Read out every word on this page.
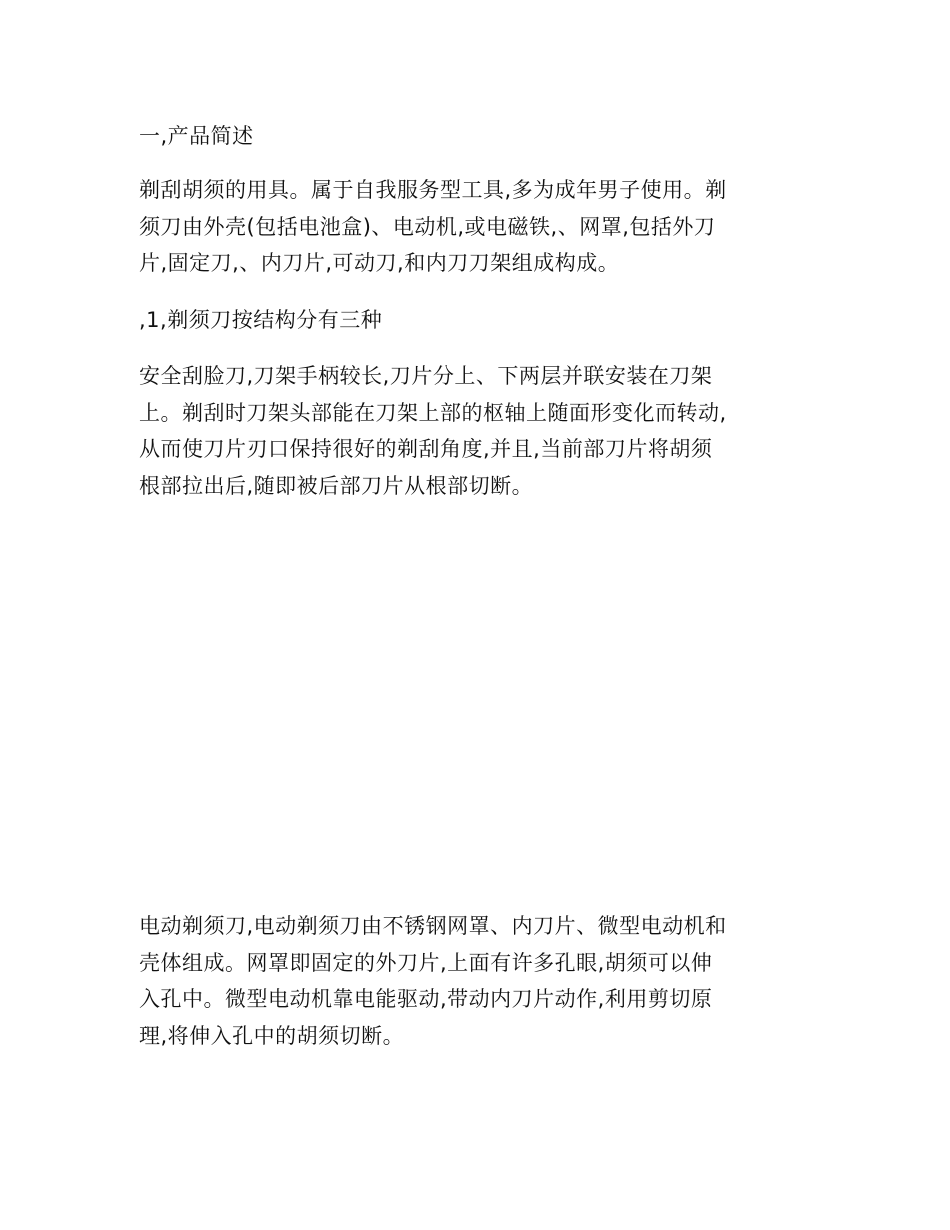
一,产品简述

剃刮胡须的用具。属于自我服务型工具,多为成年男子使用。剃
须刀由外壳(包括电池盒)、电动机,或电磁铁,、网罩,包括外刀
片,固定刀,、内刀片,可动刀,和内刀刀架组成构成。

,1,剃须刀按结构分有三种

安全刮脸刀,刀架手柄较长,刀片分上、下两层并联安装在刀架
上。剃刮时刀架头部能在刀架上部的枢轴上随面形变化而转动,
从而使刀片刃口保持很好的剃刮角度,并且,当前部刀片将胡须
根部拉出后,随即被后部刀片从根部切断。

电动剃须刀,电动剃须刀由不锈钢网罩、内刀片、微型电动机和
壳体组成。网罩即固定的外刀片,上面有许多孔眼,胡须可以伸
入孔中。微型电动机靠电能驱动,带动内刀片动作,利用剪切原
理,将伸入孔中的胡须切断。
